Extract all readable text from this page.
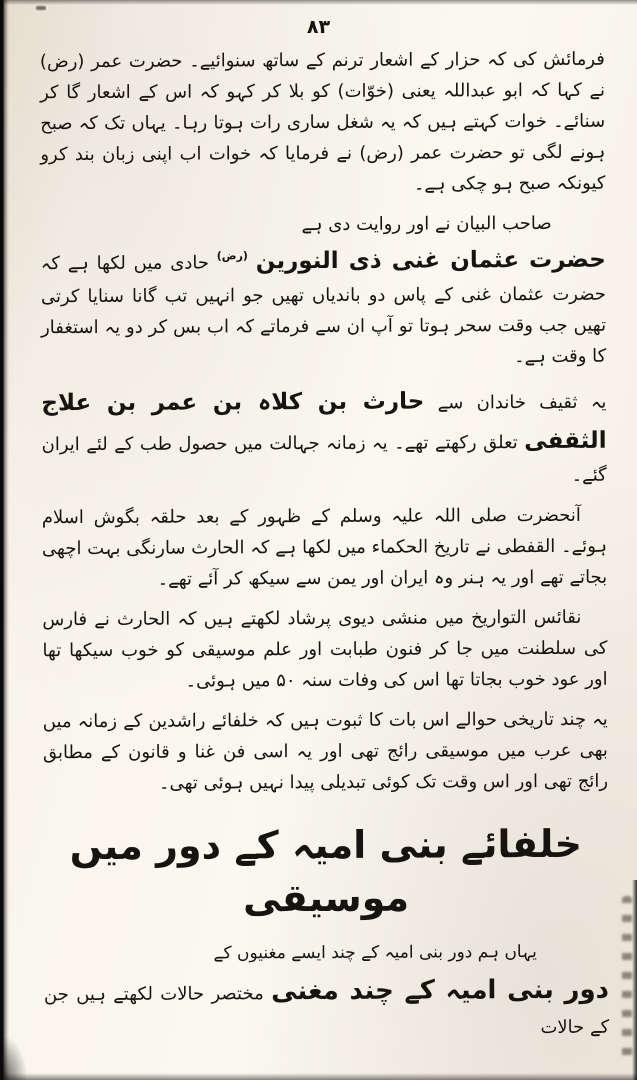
۸۳

فرمائش کی کہ حزار کے اشعار ترنم کے ساتھ سنوائیے۔ حضرت عمر (رض) نے کہا کہ ابو عبداللہ یعنی (خوّات) کو بلا کر کہو کہ اس کے اشعار گا کر سنائے۔ خوات کہتے ہیں کہ یہ شغل ساری رات ہوتا رہا۔ یہاں تک کہ صبح ہونے لگی تو حضرت عمر (رض) نے فرمایا کہ خوات اب اپنی زبان بند کرو کیونکہ صبح ہو چکی ہے۔

صاحب البیان نے اور روایت دی ہے

حضرت عثمان غنی ذی النورین $^{(رض)}$ حادی میں لکھا ہے کہ حضرت عثمان غنی کے پاس دو باندیاں تھیں جو انہیں تب گانا سنایا کرتی تھیں جب وقت سحر ہوتا تو آپ ان سے فرماتے کہ اب بس کر دو یہ استغفار کا وقت ہے۔

یہ ثقیف خاندان سے حارث بن کلاہ بن عمر بن علاج الثقفی تعلق رکھتے تھے۔ یہ زمانہ جہالت میں حصول طب کے لئے ایران گئے۔

آنحضرت صلی اللہ علیہ وسلم کے ظہور کے بعد حلقہ بگوش اسلام ہوئے۔ القفطی نے تاریخ الحکماء میں لکھا ہے کہ الحارث سارنگی بہت اچھی بجاتے تھے اور یہ ہنر وہ ایران اور یمن سے سیکھ کر آئے تھے۔

نقائس التواریخ میں منشی دیوی پرشاد لکھتے ہیں کہ الحارث نے فارس کی سلطنت میں جا کر فنون طبابت اور علم موسیقی کو خوب سیکھا تھا اور عود خوب بجاتا تھا اس کی وفات سنہ ۵۰ میں ہوئی۔

یہ چند تاریخی حوالے اس بات کا ثبوت ہیں کہ خلفائے راشدین کے زمانہ میں بھی عرب میں موسیقی رائج تھی اور یہ اسی فن غنا و قانون کے مطابق رائج تھی اور اس وقت تک کوئی تبدیلی پیدا نہیں ہوئی تھی۔

خلفائے بنی امیہ کے دور میں موسیقی

یہاں ہم دور بنی امیہ کے چند ایسے مغنیوں کے

دور بنی امیہ کے چند مغنی مختصر حالات لکھتے ہیں جن کے حالات
